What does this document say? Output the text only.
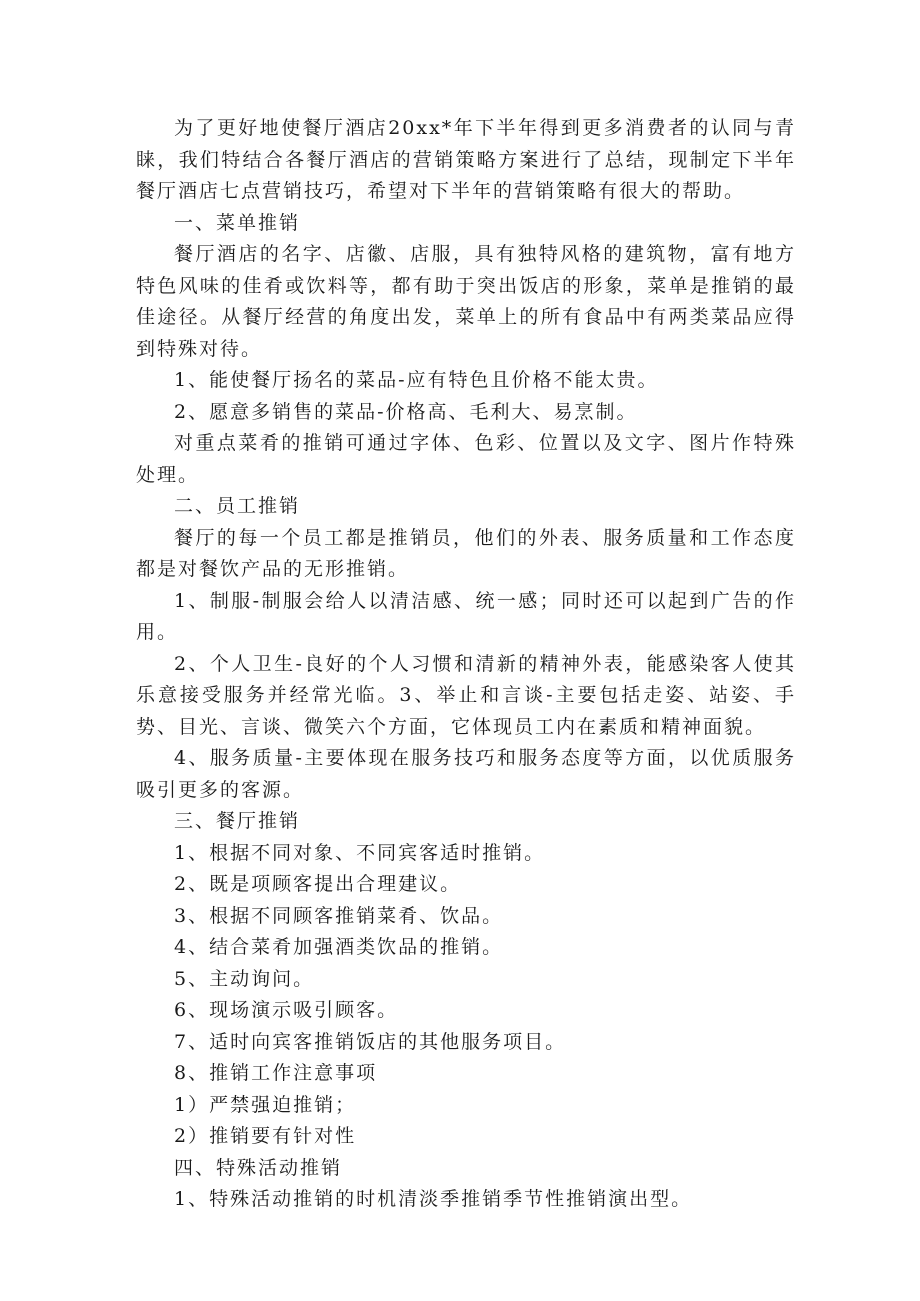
为了更好地使餐厅酒店20xx*年下半年得到更多消费者的认同与青睐，我们特结合各餐厅酒店的营销策略方案进行了总结，现制定下半年餐厅酒店七点营销技巧，希望对下半年的营销策略有很大的帮助。

一、菜单推销

餐厅酒店的名字、店徽、店服，具有独特风格的建筑物，富有地方特色风味的佳肴或饮料等，都有助于突出饭店的形象，菜单是推销的最佳途径。从餐厅经营的角度出发，菜单上的所有食品中有两类菜品应得到特殊对待。

1、能使餐厅扬名的菜品-应有特色且价格不能太贵。

2、愿意多销售的菜品-价格高、毛利大、易烹制。

对重点菜肴的推销可通过字体、色彩、位置以及文字、图片作特殊处理。

二、员工推销

餐厅的每一个员工都是推销员，他们的外表、服务质量和工作态度都是对餐饮产品的无形推销。

1、制服-制服会给人以清洁感、统一感；同时还可以起到广告的作用。

2、个人卫生-良好的个人习惯和清新的精神外表，能感染客人使其乐意接受服务并经常光临。3、举止和言谈-主要包括走姿、站姿、手势、目光、言谈、微笑六个方面，它体现员工内在素质和精神面貌。

4、服务质量-主要体现在服务技巧和服务态度等方面，以优质服务吸引更多的客源。

三、餐厅推销

1、根据不同对象、不同宾客适时推销。

2、既是项顾客提出合理建议。

3、根据不同顾客推销菜肴、饮品。

4、结合菜肴加强酒类饮品的推销。

5、主动询问。

6、现场演示吸引顾客。

7、适时向宾客推销饭店的其他服务项目。

8、推销工作注意事项

1）严禁强迫推销；

2）推销要有针对性

四、特殊活动推销

1、特殊活动推销的时机清淡季推销季节性推销演出型。
